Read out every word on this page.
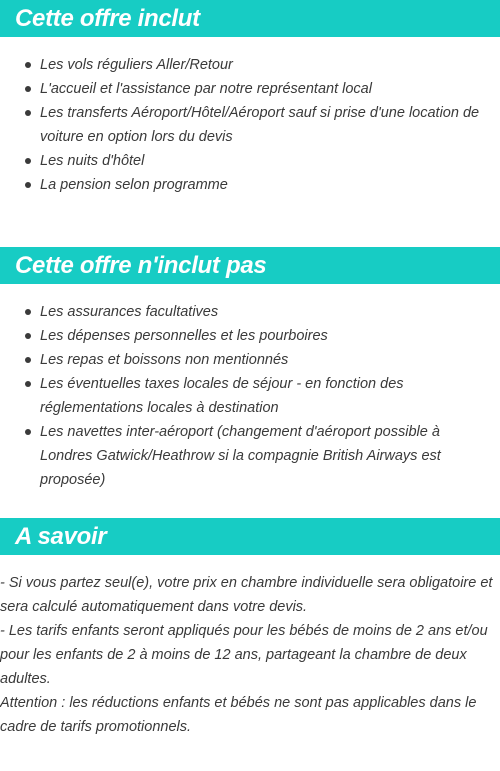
Cette offre inclut
Les vols réguliers Aller/Retour
L'accueil et l'assistance par notre représentant local
Les transferts Aéroport/Hôtel/Aéroport sauf si prise d'une location de voiture en option lors du devis
Les nuits d'hôtel
La pension selon programme
Cette offre n'inclut pas
Les assurances facultatives
Les dépenses personnelles et les pourboires
Les repas et boissons non mentionnés
Les éventuelles taxes locales de séjour - en fonction des réglementations locales à destination
Les navettes inter-aéroport (changement d'aéroport possible à Londres Gatwick/Heathrow si la compagnie British Airways est proposée)
A savoir

- Si vous partez seul(e), votre prix en chambre individuelle sera obligatoire et sera calculé automatiquement dans votre devis.

- Les tarifs enfants seront appliqués pour les bébés de moins de 2 ans et/ou pour les enfants de 2 à moins de 12 ans, partageant la chambre de deux adultes.

Attention : les réductions enfants et bébés ne sont pas applicables dans le cadre de tarifs promotionnels.
